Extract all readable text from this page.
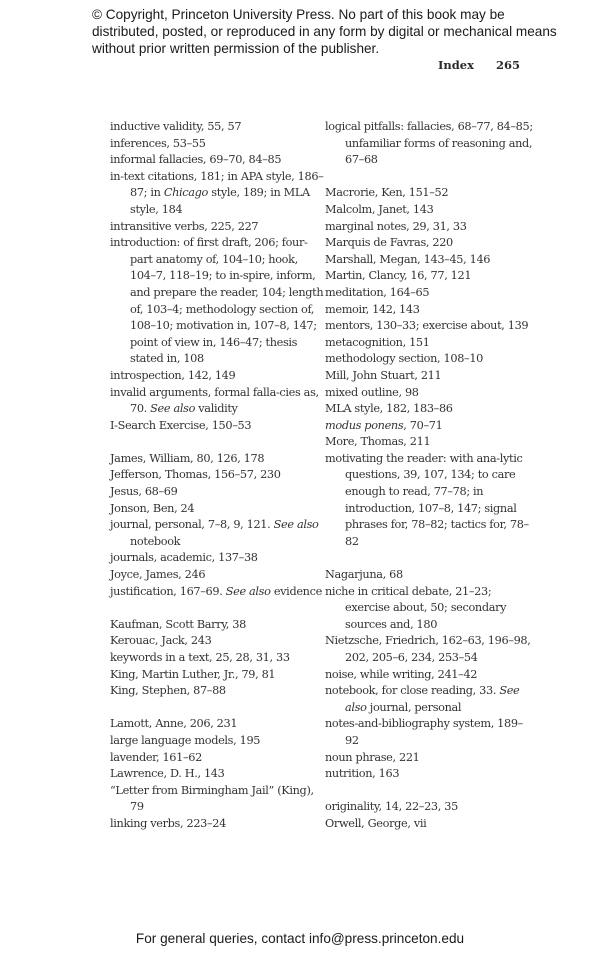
© Copyright, Princeton University Press. No part of this book may be distributed, posted, or reproduced in any form by digital or mechanical means without prior written permission of the publisher.
Index 265
inductive validity, 55, 57
inferences, 53–55
informal fallacies, 69–70, 84–85
in-text citations, 181; in APA style, 186–87; in Chicago style, 189; in MLA style, 184
intransitive verbs, 225, 227
introduction: of first draft, 206; four-part anatomy of, 104–10; hook, 104–7, 118–19; to in-spire, inform, and prepare the reader, 104; length of, 103–4; methodology section of, 108–10; motivation in, 107–8, 147; point of view in, 146–47; thesis stated in, 108
introspection, 142, 149
invalid arguments, formal falla-cies as, 70. See also validity
I-Search Exercise, 150–53
James, William, 80, 126, 178
Jefferson, Thomas, 156–57, 230
Jesus, 68–69
Jonson, Ben, 24
journal, personal, 7–8, 9, 121. See also notebook
journals, academic, 137–38
Joyce, James, 246
justification, 167–69. See also evidence
Kaufman, Scott Barry, 38
Kerouac, Jack, 243
keywords in a text, 25, 28, 31, 33
King, Martin Luther, Jr., 79, 81
King, Stephen, 87–88
Lamott, Anne, 206, 231
large language models, 195
lavender, 161–62
Lawrence, D. H., 143
“Letter from Birmingham Jail” (King), 79
linking verbs, 223–24
logical pitfalls: fallacies, 68–77, 84–85; unfamiliar forms of reasoning and, 67–68
Macrorie, Ken, 151–52
Malcolm, Janet, 143
marginal notes, 29, 31, 33
Marquis de Favras, 220
Marshall, Megan, 143–45, 146
Martin, Clancy, 16, 77, 121
meditation, 164–65
memoir, 142, 143
mentors, 130–33; exercise about, 139
metacognition, 151
methodology section, 108–10
Mill, John Stuart, 211
mixed outline, 98
MLA style, 182, 183–86
modus ponens, 70–71
More, Thomas, 211
motivating the reader: with ana-lytic questions, 39, 107, 134; to care enough to read, 77–78; in introduction, 107–8, 147; signal phrases for, 78–82; tactics for, 78–82
Nagarjuna, 68
niche in critical debate, 21–23; exercise about, 50; secondary sources and, 180
Nietzsche, Friedrich, 162–63, 196–98, 202, 205–6, 234, 253–54
noise, while writing, 241–42
notebook, for close reading, 33. See also journal, personal
notes-and-bibliography system, 189–92
noun phrase, 221
nutrition, 163
originality, 14, 22–23, 35
Orwell, George, vii
For general queries, contact info@press.princeton.edu
